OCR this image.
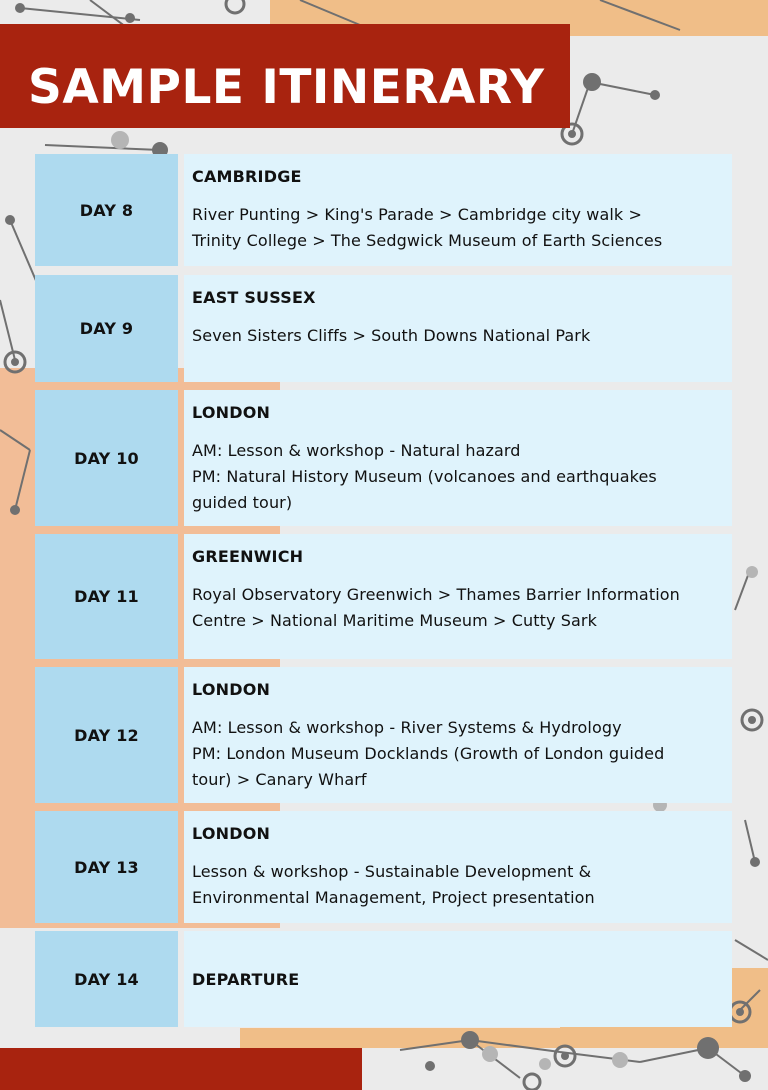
SAMPLE ITINERARY
DAY 8
CAMBRIDGE
River Punting > King's Parade > Cambridge city walk >
Trinity College > The Sedgwick Museum of Earth Sciences
DAY 9
EAST SUSSEX
Seven Sisters Cliffs > South Downs National Park
DAY 10
LONDON
AM: Lesson & workshop - Natural hazard
PM: Natural History Museum (volcanoes and earthquakes
guided tour)
DAY 11
GREENWICH
Royal Observatory Greenwich > Thames Barrier Information
Centre > National Maritime Museum > Cutty Sark
DAY 12
LONDON
AM: Lesson & workshop - River Systems & Hydrology
PM: London Museum Docklands (Growth of London guided
tour) > Canary Wharf
DAY 13
LONDON
Lesson & workshop - Sustainable Development &
Environmental Management, Project presentation
DAY 14	DEPARTURE
